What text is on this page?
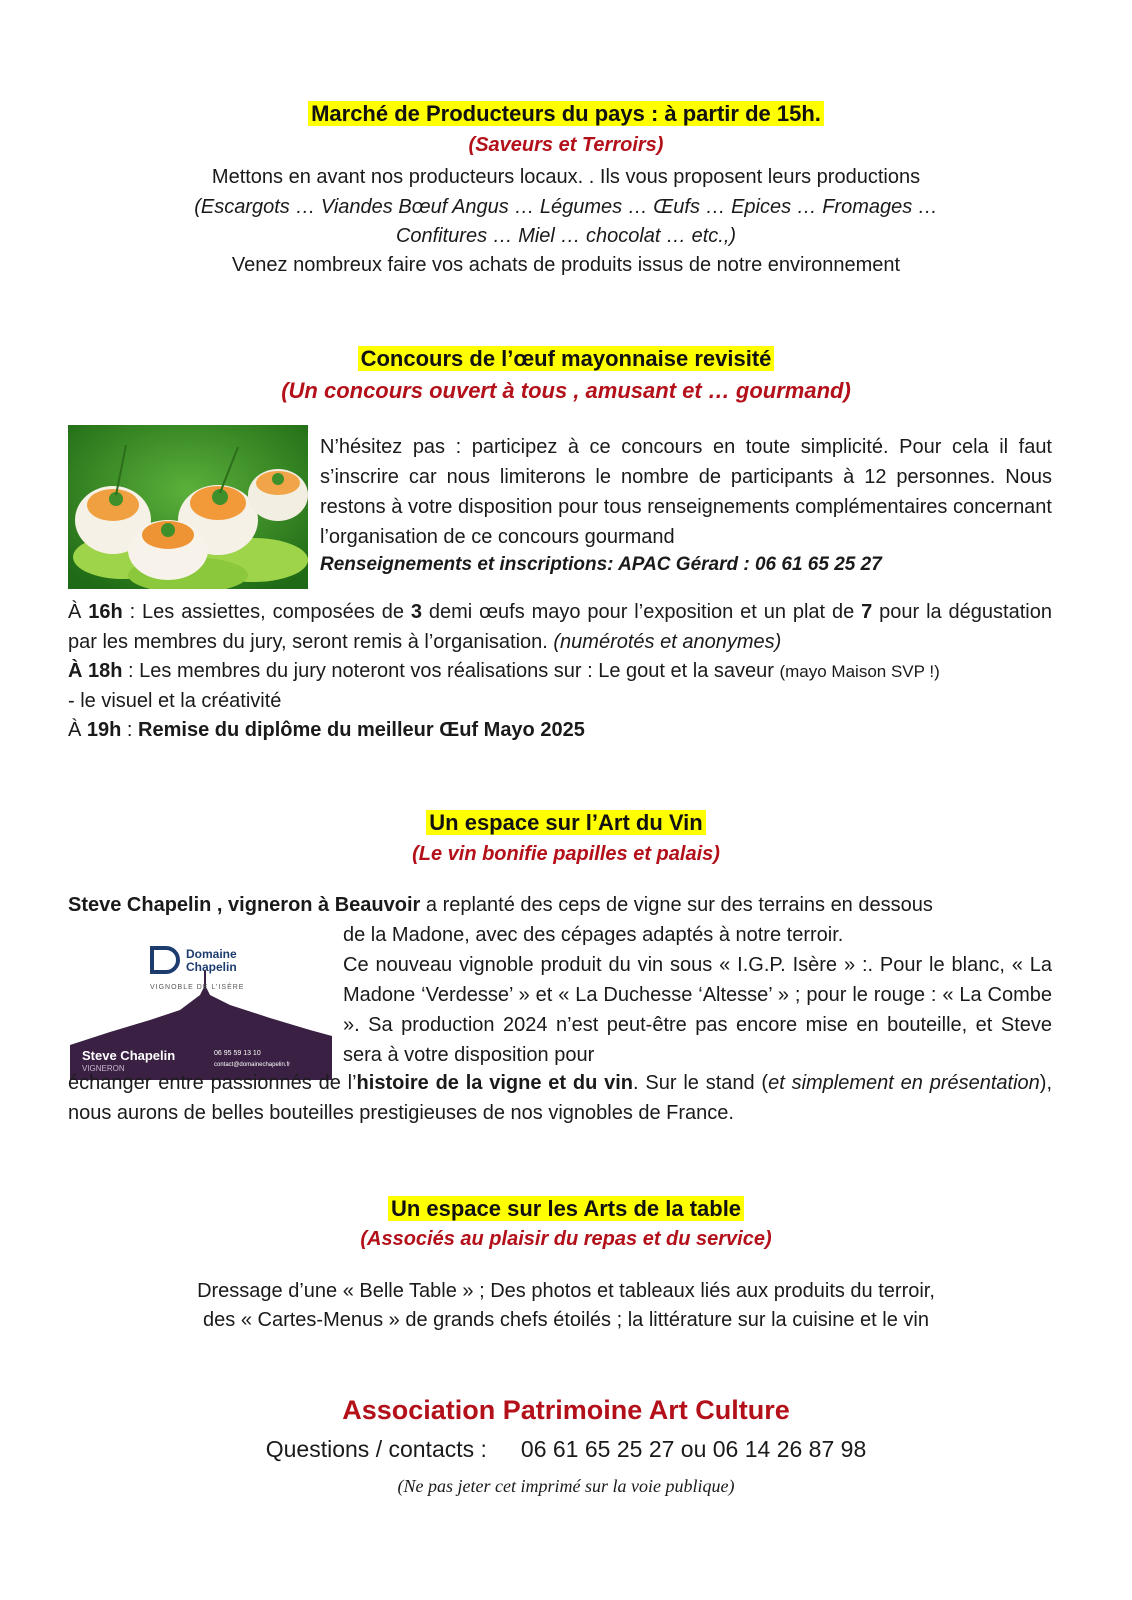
Marché de Producteurs du pays : à partir de 15h.
(Saveurs et Terroirs)
Mettons en avant nos producteurs locaux. . Ils vous proposent leurs productions
(Escargots … Viandes Bœuf Angus … Légumes … Œufs … Epices … Fromages …
Confitures … Miel … chocolat … etc.,)
Venez nombreux faire vos achats de produits issus de notre environnement
Concours de l’œuf mayonnaise revisité
(Un concours ouvert à tous , amusant et … gourmand)
N’hésitez pas : participez à ce concours en toute simplicité. Pour cela il faut s’inscrire car nous limiterons le nombre de participants à 12 personnes. Nous restons à votre disposition pour tous renseignements complémentaires concernant l’organisation de ce concours gourmand
Renseignements et inscriptions: APAC Gérard : 06 61 65 25 27
À 16h : Les assiettes, composées de 3 demi œufs mayo pour l’exposition et un plat de 7 pour la dégustation par les membres du jury, seront remis à l’organisation. (numérotés et anonymes)
À 18h : Les membres du jury noteront vos réalisations sur : Le gout et la saveur (mayo Maison SVP !)
- le visuel et la créativité
À 19h : Remise du diplôme du meilleur Œuf Mayo 2025
Un espace sur l’Art du Vin
(Le vin bonifie papilles et palais)
Steve Chapelin , vigneron à Beauvoir a replanté des ceps de vigne sur des terrains en dessous
Domaine
Chapelin
VIGNOBLE DE L’ISÈRE
Steve Chapelin
VIGNERON
06 95 59 13 10
contact@domainechapelin.fr
de la Madone, avec des cépages adaptés à notre terroir.
Ce nouveau vignoble produit du vin sous « I.G.P. Isère » :. Pour le blanc, « La Madone ‘Verdesse’ » et « La Duchesse ‘Altesse’ » ; pour le rouge : « La Combe ». Sa production 2024 n’est peut-être pas encore mise en bouteille, et Steve sera à votre disposition pour
échanger entre passionnés de l’histoire de la vigne et du vin. Sur le stand (et simplement en présentation), nous aurons de belles bouteilles prestigieuses de nos vignobles de France.
Un espace sur les Arts de la table
(Associés au plaisir du repas et du service)
Dressage d’une « Belle Table » ; Des photos et tableaux liés aux produits du terroir,
des « Cartes-Menus » de grands chefs étoilés ; la littérature sur la cuisine et le vin
Association Patrimoine Art Culture
Questions / contacts : 06 61 65 25 27 ou 06 14 26 87 98
(Ne pas jeter cet imprimé sur la voie publique)
